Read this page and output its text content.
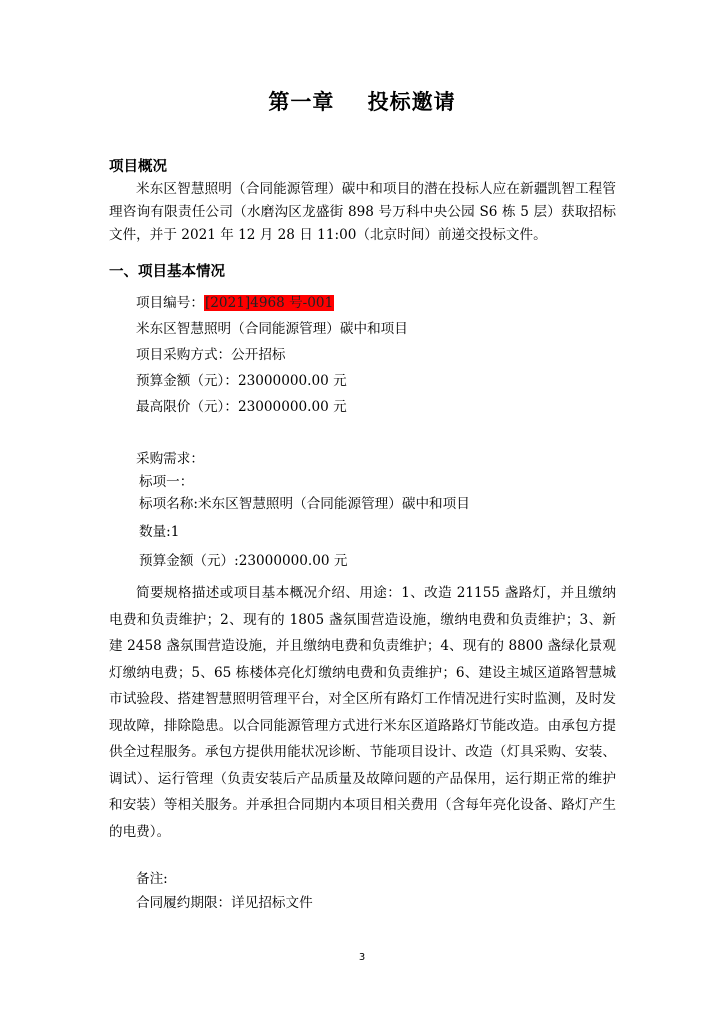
第一章    投标邀请
项目概况

米东区智慧照明（合同能源管理）碳中和项目的潜在投标人应在新疆凯智工程管理咨询有限责任公司（水磨沟区龙盛街 898 号万科中央公园 S6 栋 5 层）获取招标文件，并于 2021 年 12 月 28 日 11:00（北京时间）前递交投标文件。

一、项目基本情况
项目编号：[2021]4968 号-001
米东区智慧照明（合同能源管理）碳中和项目
项目采购方式：公开招标
预算金额（元）：23000000.00 元
最高限价（元）：23000000.00 元
采购需求：
标项一：
标项名称:米东区智慧照明（合同能源管理）碳中和项目
数量:1
预算金额（元）:23000000.00 元

简要规格描述或项目基本概况介绍、用途：1、改造 21155 盏路灯，并且缴纳电费和负责维护；2、现有的 1805 盏氛围营造设施，缴纳电费和负责维护；3、新建 2458 盏氛围营造设施，并且缴纳电费和负责维护；4、现有的 8800 盏绿化景观灯缴纳电费；5、65 栋楼体亮化灯缴纳电费和负责维护；6、建设主城区道路智慧城市试验段、搭建智慧照明管理平台，对全区所有路灯工作情况进行实时监测，及时发现故障，排除隐患。以合同能源管理方式进行米东区道路路灯节能改造。由承包方提供全过程服务。承包方提供用能状况诊断、节能项目设计、改造（灯具采购、安装、调试）、运行管理（负责安装后产品质量及故障问题的产品保用，运行期正常的维护和安装）等相关服务。并承担合同期内本项目相关费用（含每年亮化设备、路灯产生的电费）。

备注:
合同履约期限：详见招标文件
3
